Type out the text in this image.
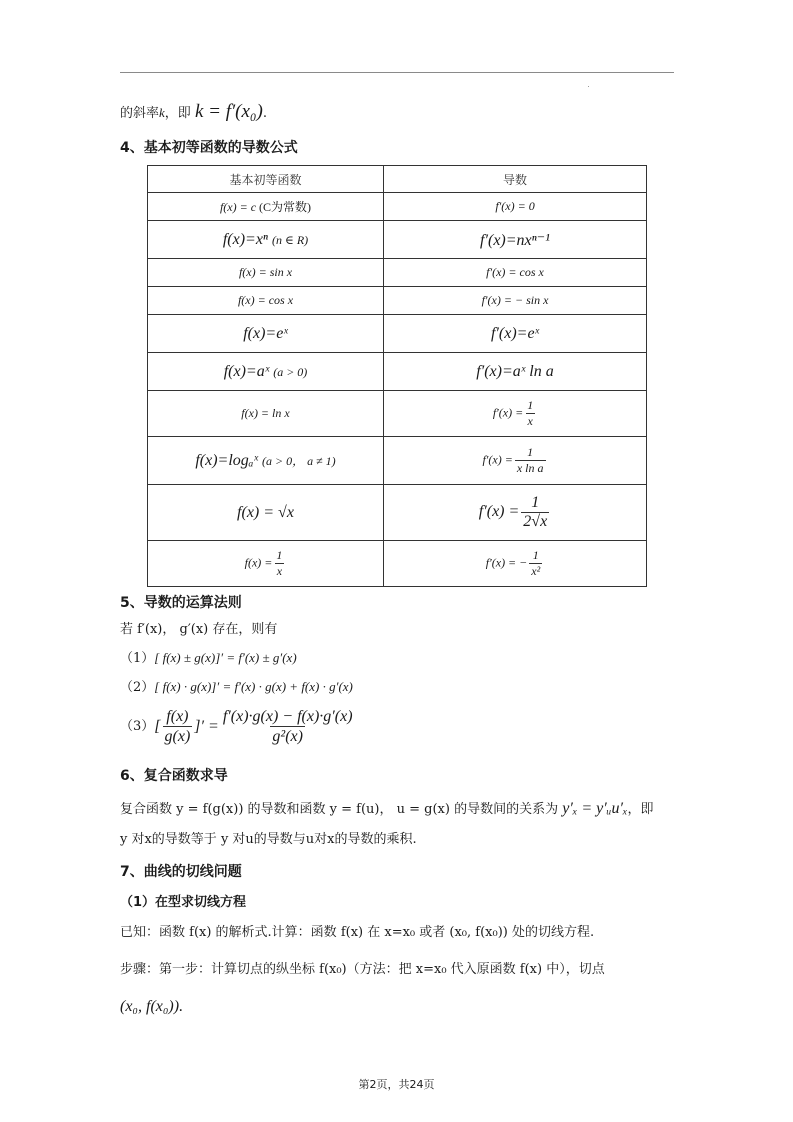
的斜率k，即 k = f′(x₀).
4、基本初等函数的导数公式
基本初等函数	导数
f(x) = c (C为常数)	f′(x) = 0
f(x)=xⁿ (n ∈ R)	f′(x)=nxⁿ⁻¹
f(x) = sin x	f′(x) = cos x
f(x) = cos x	f′(x) = − sin x
f(x)=eˣ	f′(x)=eˣ
f(x)=aˣ (a > 0)	f′(x)=aˣ ln a
f(x) = ln x	$f'(x) = \frac{1}{x}$

f(x)=logₐˣ (a > 0， a ≠ 1)	$f'(x) = \frac{1}{\text{x ln a}}$

f(x) = √x	$f'(x) = \frac{1}{2√x}$

$f(x) = \frac{1}{x}$	f′(x) = − $\frac{1}{\text{x²}}$
5、导数的运算法则
若 f′(x)， g′(x) 存在，则有
（1）[ f(x) ± g(x)]′ = f′(x) ± g′(x)
（2）[ f(x) · g(x)]′ = f′(x) · g(x) + f(x) · g′(x)
（3） [ $\frac{f(x)}{g(x)}$ ]′ = $\frac{f'(x)\cdot g(x) - f(x)\cdot g'(x)}{\text{g²(x)}}$
6、复合函数求导
复合函数 y = f(g(x)) 的导数和函数 y = f(u)， u = g(x) 的导数间的关系为 y′ₓ = y′ᵤu′ₓ，即
y 对x的导数等于 y 对u的导数与u对x的导数的乘积.
7、曲线的切线问题
（1）在型求切线方程
已知：函数 f(x) 的解析式.计算：函数 f(x) 在 x=x₀ 或者 (x₀, f(x₀)) 处的切线方程.
步骤：第一步：计算切点的纵坐标 f(x₀)（方法：把 x=x₀ 代入原函数 f(x) 中），切点
(x₀, f(x₀)).
第2页，共24页
